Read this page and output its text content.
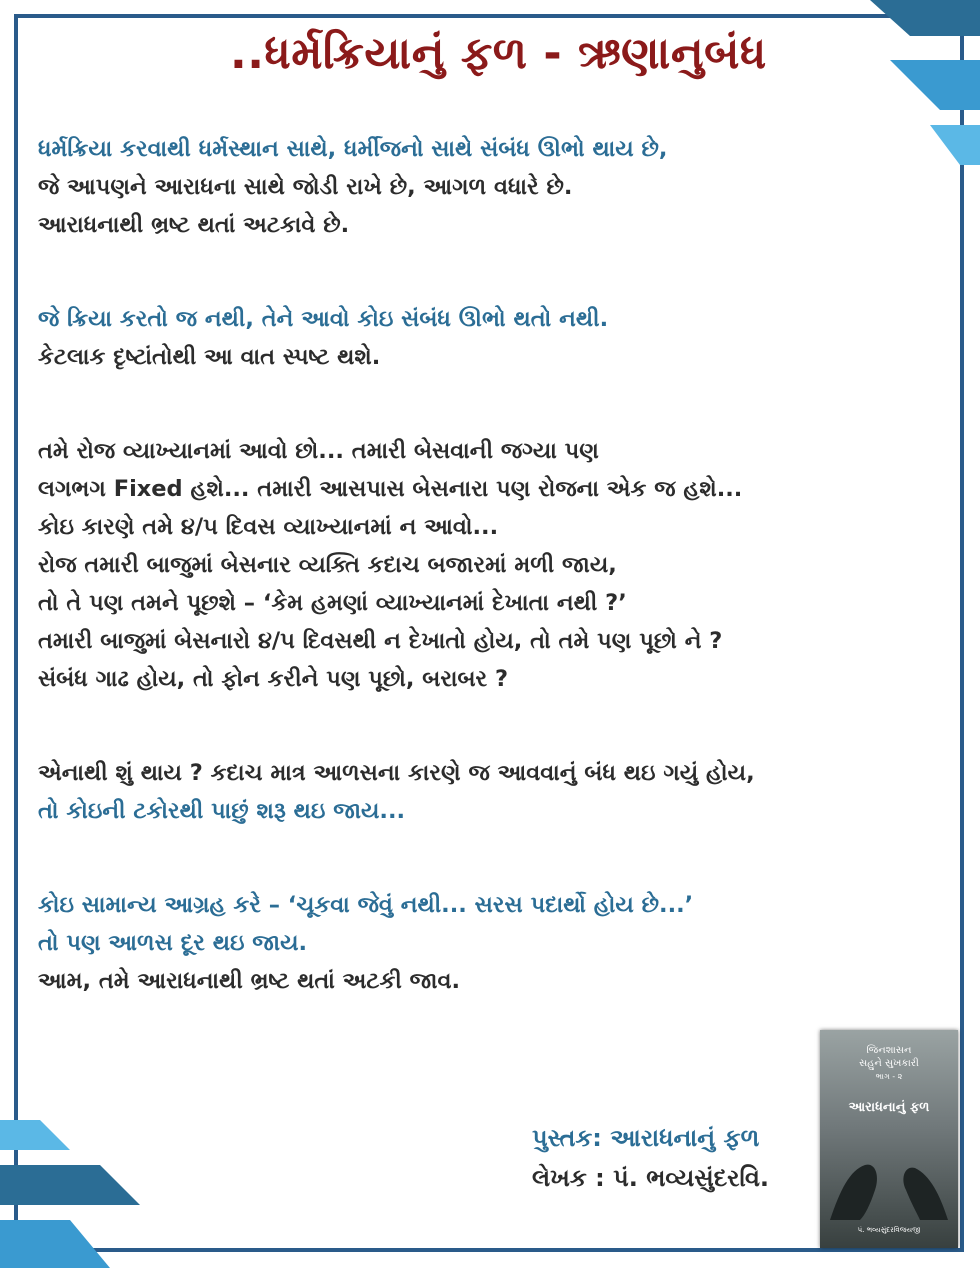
..ધર્મક્રિયાનું ફળ - ઋણાનુબંધ
ધર્મક્રિયા કરવાથી ધર્મસ્થાન સાથે, ધર્મીજનો સાથે સંબંધ ઊભો થાય છે,
જે આપણને આરાધના સાથે જોડી રાખે છે, આગળ વધારે છે.
આરાધનાથી ભ્રષ્ટ થતાં અટકાવે છે.
જે ક્રિયા કરતો જ નથી, તેને આવો કોઇ સંબંધ ઊભો થતો નથી.
કેટલાક દૃષ્ટાંતોથી આ વાત સ્પષ્ટ થશે.
તમે રોજ વ્યાખ્યાનમાં આવો છો... તમારી બેસવાની જગ્યા પણ
લગભગ Fixed હશે... તમારી આસપાસ બેસનારા પણ રોજના એક જ હશે...
કોઇ કારણે તમે ૪/૫ દિવસ વ્યાખ્યાનમાં ન આવો...
રોજ તમારી બાજુમાં બેસનાર વ્યક્તિ કદાચ બજારમાં મળી જાય,
તો તે પણ તમને પૂછશે – ‘કેમ હમણાં વ્યાખ્યાનમાં દેખાતા નથી ?’
તમારી બાજુમાં બેસનારો ૪/૫ દિવસથી ન દેખાતો હોય, તો તમે પણ પૂછો ને ?
સંબંધ ગાઢ હોય, તો ફોન કરીને પણ પૂછો, બરાબર ?
એનાથી શું થાય ? કદાચ માત્ર આળસના કારણે જ આવવાનું બંધ થઇ ગયું હોય,
તો કોઇની ટકોરથી પાછું શરૂ થઇ જાય...
કોઇ સામાન્ય આગ્રહ કરે – ‘ચૂકવા જેવું નથી... સરસ પદાર્થો હોય છે...’
તો પણ આળસ દૂર થઇ જાય.
આમ, તમે આરાધનાથી ભ્રષ્ટ થતાં અટકી જાવ.
પુસ્તક: આરાધનાનું ફળ
લેખક : પં. ભવ્યસુંદરવિ.
જિનશાસન
સહુને સુખકારી
ભાગ - ૨
આરાધનાનું ફળ
પં. ભવ્યસુંદરવિજયજી
